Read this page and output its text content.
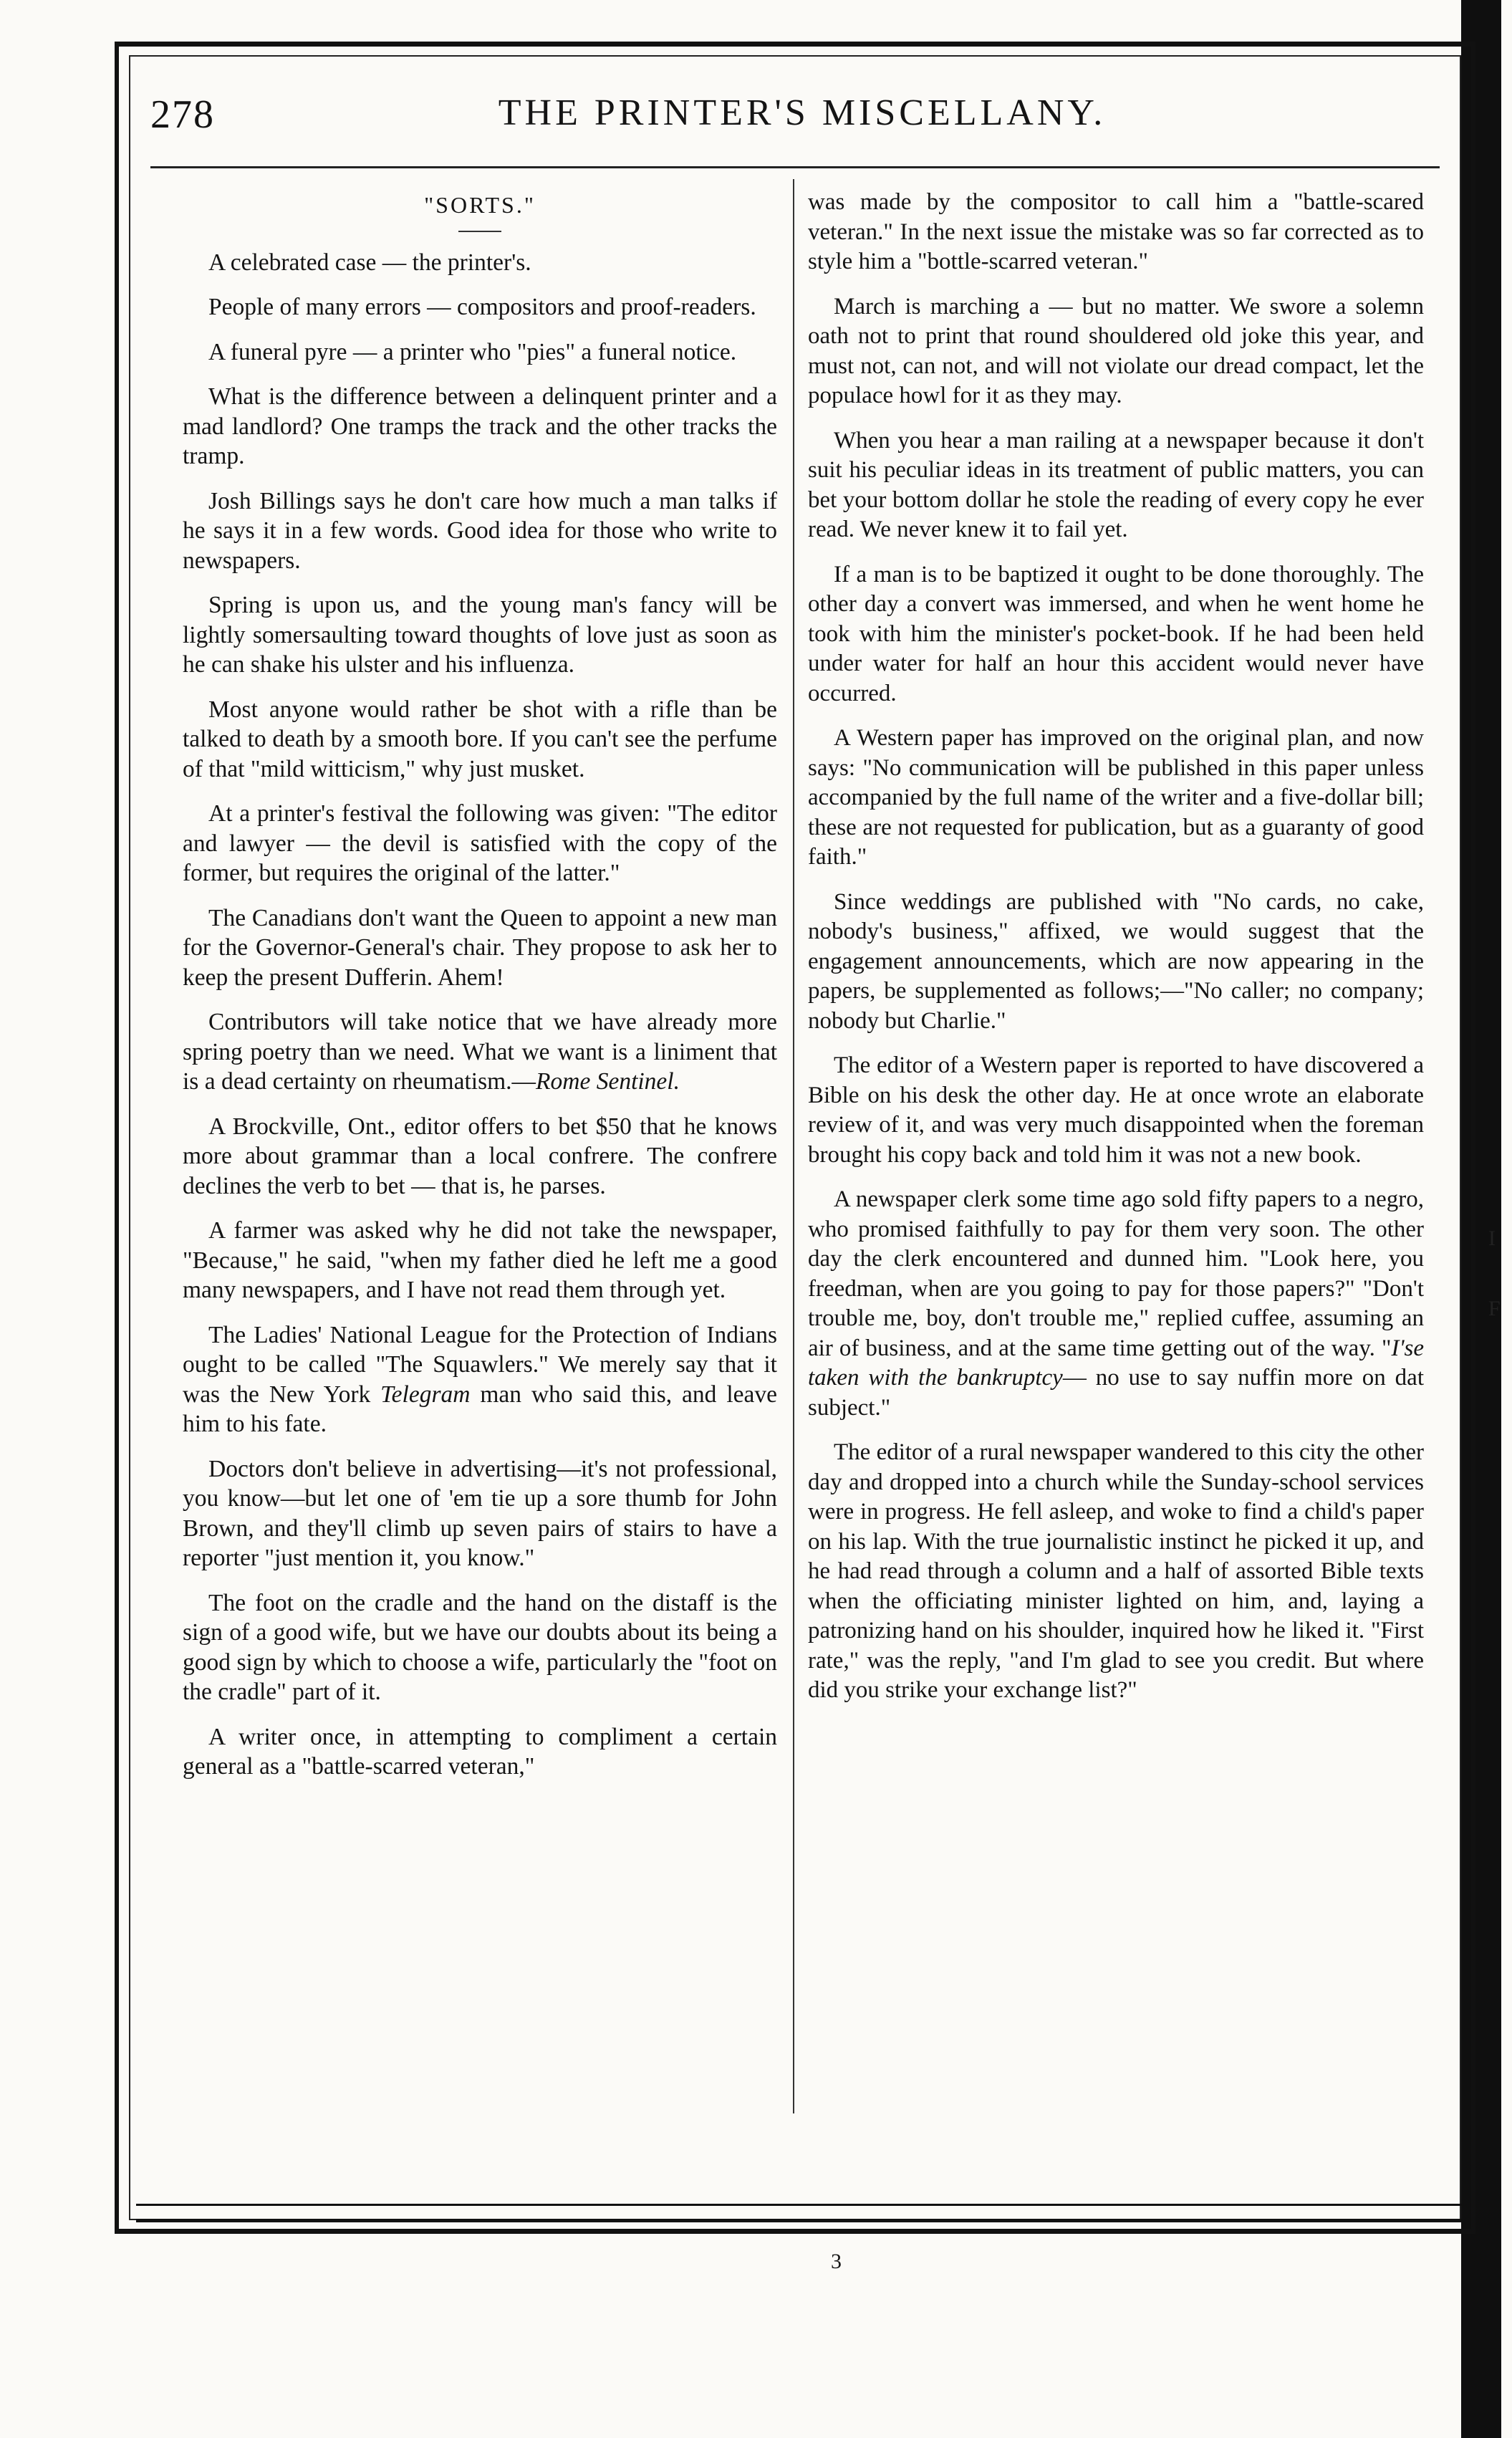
278	THE PRINTER'S MISCELLANY.
"SORTS."

A celebrated case — the printer's.

People of many errors — compositors and proof-readers.

A funeral pyre — a printer who "pies" a funeral notice.

What is the difference between a delinquent printer and a mad landlord? One tramps the track and the other tracks the tramp.

Josh Billings says he don't care how much a man talks if he says it in a few words. Good idea for those who write to newspapers.

Spring is upon us, and the young man's fancy will be lightly somersaulting toward thoughts of love just as soon as he can shake his ulster and his influenza.

Most anyone would rather be shot with a rifle than be talked to death by a smooth bore. If you can't see the perfume of that "mild witticism," why just musket.

At a printer's festival the following was given: "The editor and lawyer — the devil is satisfied with the copy of the former, but requires the original of the latter."

The Canadians don't want the Queen to appoint a new man for the Governor-General's chair. They propose to ask her to keep the present Dufferin. Ahem!

Contributors will take notice that we have already more spring poetry than we need. What we want is a liniment that is a dead certainty on rheumatism.—Rome Sentinel.

A Brockville, Ont., editor offers to bet $50 that he knows more about grammar than a local confrere. The confrere declines the verb to bet — that is, he parses.

A farmer was asked why he did not take the newspaper, "Because," he said, "when my father died he left me a good many newspapers, and I have not read them through yet.

The Ladies' National League for the Protection of Indians ought to be called "The Squawlers." We merely say that it was the New York Telegram man who said this, and leave him to his fate.

Doctors don't believe in advertising—it's not professional, you know—but let one of 'em tie up a sore thumb for John Brown, and they'll climb up seven pairs of stairs to have a reporter "just mention it, you know."

The foot on the cradle and the hand on the distaff is the sign of a good wife, but we have our doubts about its being a good sign by which to choose a wife, particularly the "foot on the cradle" part of it.

A writer once, in attempting to compliment a certain general as a "battle-scarred veteran,"

was made by the compositor to call him a "battle-scared veteran." In the next issue the mistake was so far corrected as to style him a "bottle-scarred veteran."

March is marching a — but no matter. We swore a solemn oath not to print that round shouldered old joke this year, and must not, can not, and will not violate our dread compact, let the populace howl for it as they may.

When you hear a man railing at a newspaper because it don't suit his peculiar ideas in its treatment of public matters, you can bet your bottom dollar he stole the reading of every copy he ever read. We never knew it to fail yet.

If a man is to be baptized it ought to be done thoroughly. The other day a convert was immersed, and when he went home he took with him the minister's pocket-book. If he had been held under water for half an hour this accident would never have occurred.

A Western paper has improved on the original plan, and now says: "No communication will be published in this paper unless accompanied by the full name of the writer and a five-dollar bill; these are not requested for publication, but as a guaranty of good faith."

Since weddings are published with "No cards, no cake, nobody's business," affixed, we would suggest that the engagement announcements, which are now appearing in the papers, be supplemented as follows;—"No caller; no company; nobody but Charlie."

The editor of a Western paper is reported to have discovered a Bible on his desk the other day. He at once wrote an elaborate review of it, and was very much disappointed when the foreman brought his copy back and told him it was not a new book.

A newspaper clerk some time ago sold fifty papers to a negro, who promised faithfully to pay for them very soon. The other day the clerk encountered and dunned him. "Look here, you freedman, when are you going to pay for those papers?" "Don't trouble me, boy, don't trouble me," replied cuffee, assuming an air of business, and at the same time getting out of the way. "I'se taken with the bankruptcy— no use to say nuffin more on dat subject."

The editor of a rural newspaper wandered to this city the other day and dropped into a church while the Sunday-school services were in progress. He fell asleep, and woke to find a child's paper on his lap. With the true journalistic instinct he picked it up, and he had read through a column and a half of assorted Bible texts when the officiating minister lighted on him, and, laying a patronizing hand on his shoulder, inquired how he liked it. "First rate," was the reply, "and I'm glad to see you credit. But where did you strike your exchange list?"

3
I
F
